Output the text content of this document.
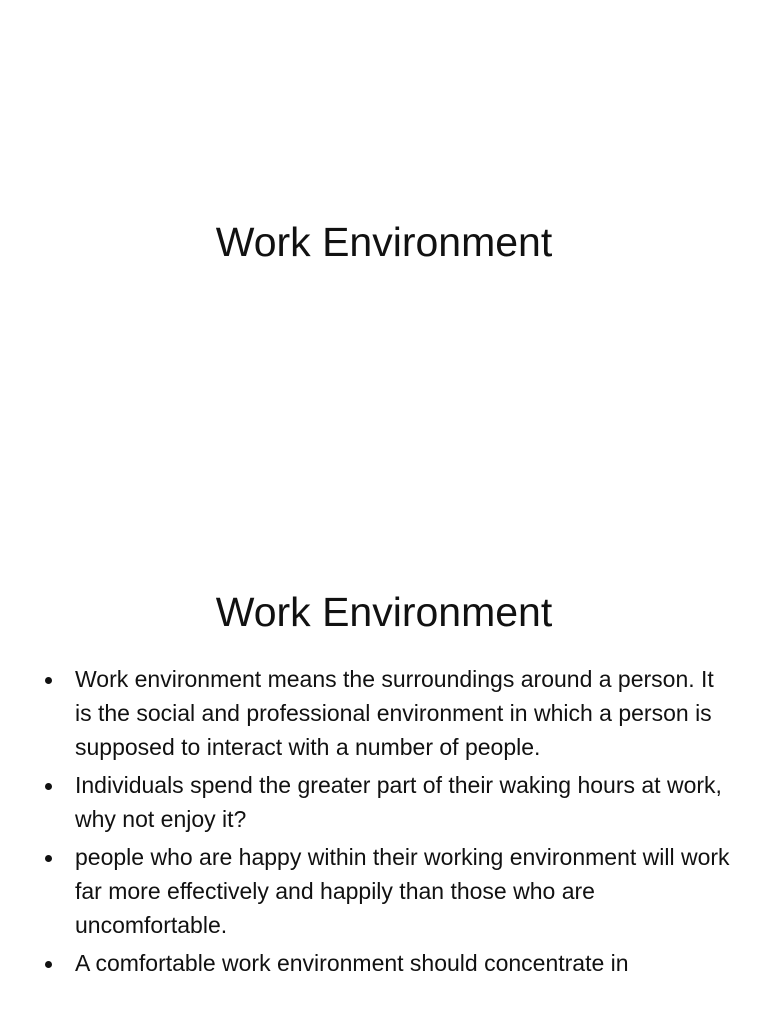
Work Environment
Work Environment
Work environment means the surroundings around a person. It is the social and professional environment in which a person is supposed to interact with a number of people.
Individuals spend the greater part of their waking hours at work, why not enjoy it?
people who are happy within their working environment will work far more effectively and happily than those who are uncomfortable.
A comfortable work environment should concentrate in
